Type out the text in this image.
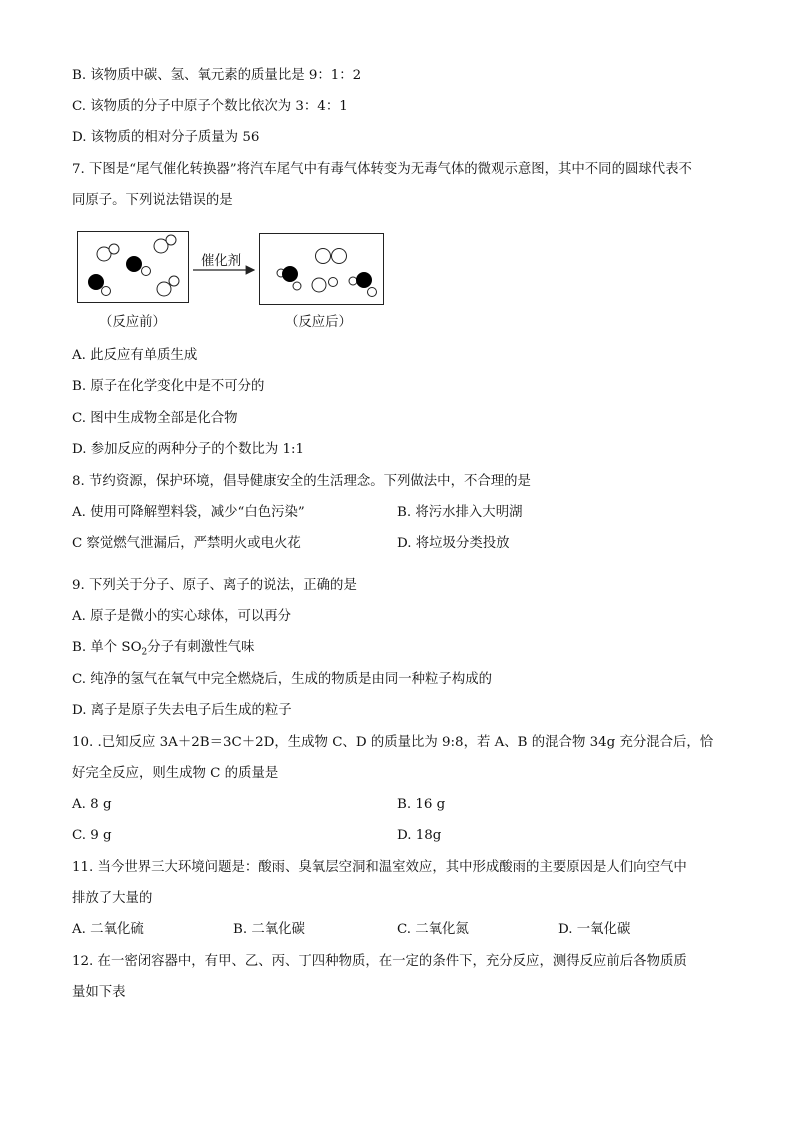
B. 该物质中碳、氢、氧元素的质量比是 9：1：2
C. 该物质的分子中原子个数比依次为 3：4：1
D. 该物质的相对分子质量为 56
7. 下图是“尾气催化转换器”将汽车尾气中有毒气体转变为无毒气体的微观示意图，其中不同的圆球代表不
同原子。下列说法错误的是
催化剂
（反应前）	（反应后）
A. 此反应有单质生成
B. 原子在化学变化中是不可分的
C. 图中生成物全部是化合物
D. 参加反应的两种分子的个数比为 1:1
8. 节约资源，保护环境，倡导健康安全的生活理念。下列做法中，不合理的是
A. 使用可降解塑料袋，减少“白色污染”	B. 将污水排入大明湖
C 察觉燃气泄漏后，严禁明火或电火花	D. 将垃圾分类投放
9. 下列关于分子、原子、离子的说法，正确的是
A. 原子是微小的实心球体，可以再分
B. 单个 $SO_2$分子有刺激性气味
C. 纯净的氢气在氧气中完全燃烧后，生成的物质是由同一种粒子构成的
D. 离子是原子失去电子后生成的粒子
10. .已知反应 3A＋2B＝3C＋2D，生成物 C、D 的质量比为 9:8，若 A、B 的混合物 34g 充分混合后，恰
好完全反应，则生成物 C 的质量是
A. 8 g	B. 16 g
C. 9 g	D. 18g
11. 当今世界三大环境问题是：酸雨、臭氧层空洞和温室效应，其中形成酸雨的主要原因是人们向空气中
排放了大量的
A. 二氧化硫	B. 二氧化碳	C. 二氧化氮	D. 一氧化碳
12. 在一密闭容器中，有甲、乙、丙、丁四种物质，在一定的条件下，充分反应，测得反应前后各物质质
量如下表
